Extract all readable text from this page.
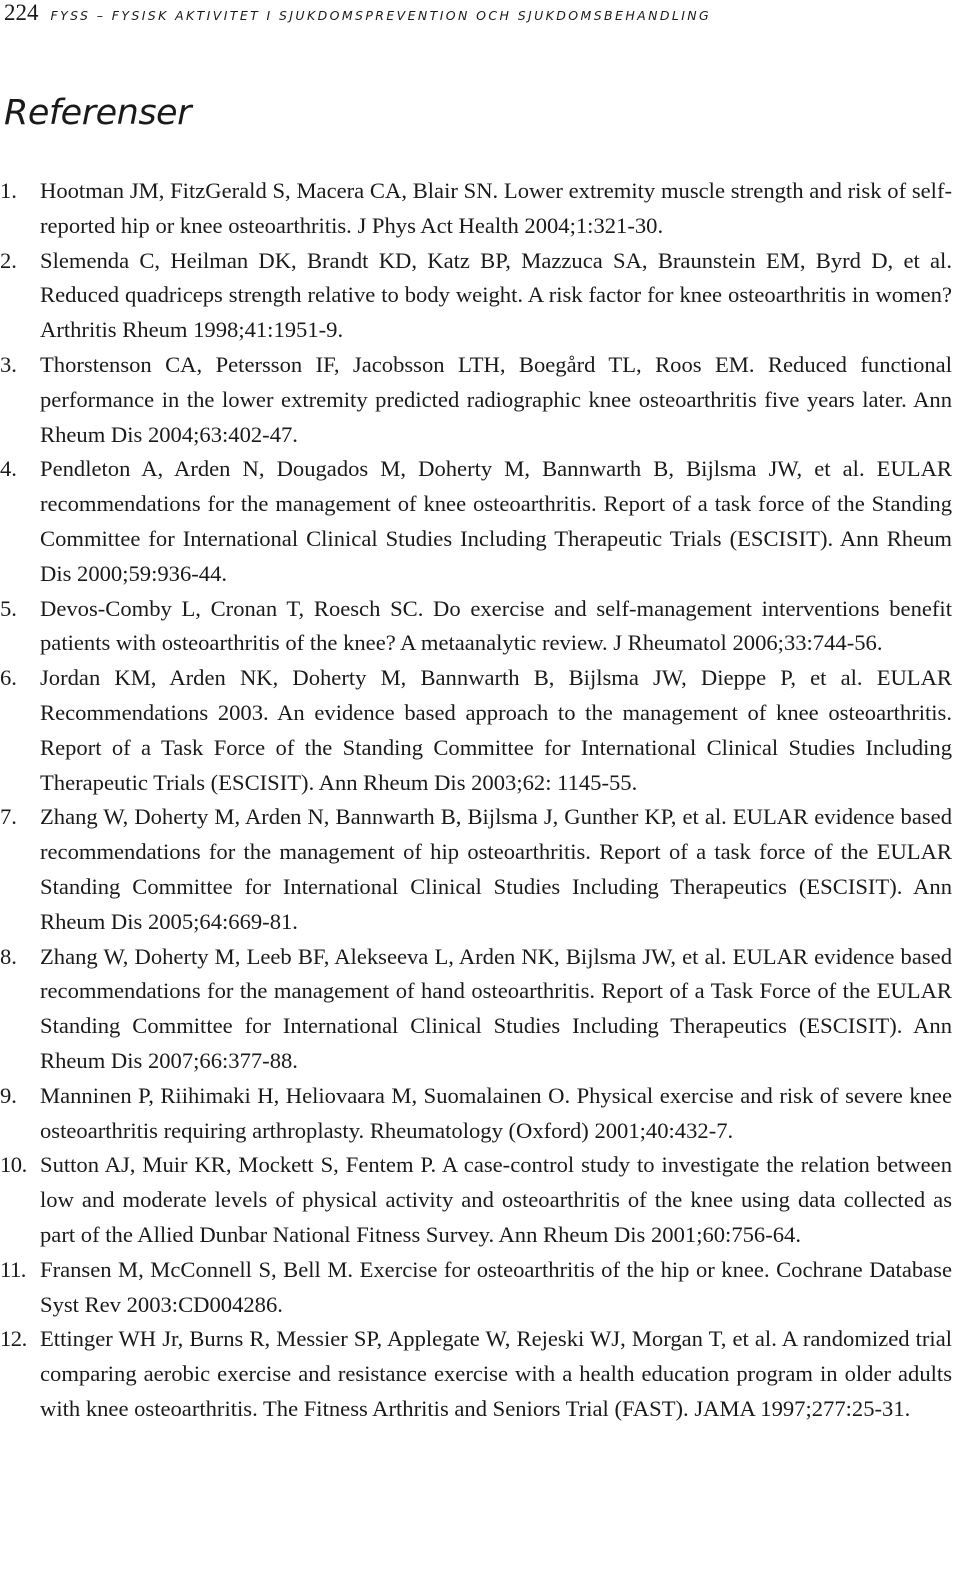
224 FYSS – FYSISK AKTIVITET I SJUKDOMSPREVENTION OCH SJUKDOMSBEHANDLING
Referenser
1.	Hootman JM, FitzGerald S, Macera CA, Blair SN. Lower extremity muscle strength and risk of self-reported hip or knee osteoarthritis. J Phys Act Health 2004;1:321-30.
2.	Slemenda C, Heilman DK, Brandt KD, Katz BP, Mazzuca SA, Braunstein EM, Byrd D, et al. Reduced quadriceps strength relative to body weight. A risk factor for knee osteoarthritis in women? Arthritis Rheum 1998;41:1951-9.
3.	Thorstenson CA, Petersson IF, Jacobsson LTH, Boegård TL, Roos EM. Reduced functional performance in the lower extremity predicted radiographic knee osteoarthritis five years later. Ann Rheum Dis 2004;63:402-47.
4.	Pendleton A, Arden N, Dougados M, Doherty M, Bannwarth B, Bijlsma JW, et al. EULAR recommendations for the management of knee osteoarthritis. Report of a task force of the Standing Committee for International Clinical Studies Including Therapeutic Trials (ESCISIT). Ann Rheum Dis 2000;59:936-44.
5.	Devos-Comby L, Cronan T, Roesch SC. Do exercise and self-management interventions benefit patients with osteoarthritis of the knee? A metaanalytic review. J Rheumatol 2006;33:744-56.
6.	Jordan KM, Arden NK, Doherty M, Bannwarth B, Bijlsma JW, Dieppe P, et al. EULAR Recommendations 2003. An evidence based approach to the management of knee osteoarthritis. Report of a Task Force of the Standing Committee for International Clinical Studies Including Therapeutic Trials (ESCISIT). Ann Rheum Dis 2003;62: 1145-55.
7.	Zhang W, Doherty M, Arden N, Bannwarth B, Bijlsma J, Gunther KP, et al. EULAR evidence based recommendations for the management of hip osteoarthritis. Report of a task force of the EULAR Standing Committee for International Clinical Studies Including Therapeutics (ESCISIT). Ann Rheum Dis 2005;64:669-81.
8.	Zhang W, Doherty M, Leeb BF, Alekseeva L, Arden NK, Bijlsma JW, et al. EULAR evidence based recommendations for the management of hand osteoarthritis. Report of a Task Force of the EULAR Standing Committee for International Clinical Studies Including Therapeutics (ESCISIT). Ann Rheum Dis 2007;66:377-88.
9.	Manninen P, Riihimaki H, Heliovaara M, Suomalainen O. Physical exercise and risk of severe knee osteoarthritis requiring arthroplasty. Rheumatology (Oxford) 2001;40:432-7.
10. Sutton AJ, Muir KR, Mockett S, Fentem P. A case-control study to investigate the relation between low and moderate levels of physical activity and osteoarthritis of the knee using data collected as part of the Allied Dunbar National Fitness Survey. Ann Rheum Dis 2001;60:756-64.
11. Fransen M, McConnell S, Bell M. Exercise for osteoarthritis of the hip or knee. Cochrane Database Syst Rev 2003:CD004286.
12. Ettinger WH Jr, Burns R, Messier SP, Applegate W, Rejeski WJ, Morgan T, et al. A randomized trial comparing aerobic exercise and resistance exercise with a health education program in older adults with knee osteoarthritis. The Fitness Arthritis and Seniors Trial (FAST). JAMA 1997;277:25-31.
